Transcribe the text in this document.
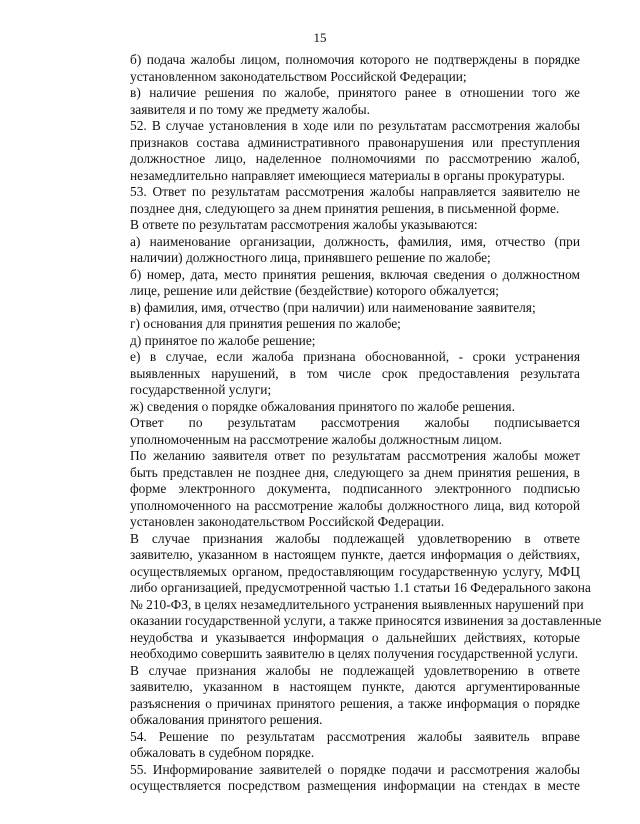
15
б) подача жалобы лицом, полномочия которого не подтверждены в порядке
установленном законодательством Российской Федерации;
в) наличие решения по жалобе, принятого ранее в отношении того же
заявителя и по тому же предмету жалобы.
52. В случае установления в ходе или по результатам рассмотрения жалобы
признаков состава административного правонарушения или преступления
должностное лицо, наделенное полномочиями по рассмотрению жалоб,
незамедлительно направляет имеющиеся материалы в органы прокуратуры.
53. Ответ по результатам рассмотрения жалобы направляется заявителю не
позднее дня, следующего за днем принятия решения, в письменной форме.
В ответе по результатам рассмотрения жалобы указываются:
а) наименование организации, должность, фамилия, имя, отчество (при
наличии) должностного лица, принявшего решение по жалобе;
б) номер, дата, место принятия решения, включая сведения о должностном
лице, решение или действие (бездействие) которого обжалуется;
в) фамилия, имя, отчество (при наличии) или наименование заявителя;
г) основания для принятия решения по жалобе;
д) принятое по жалобе решение;
е) в случае, если жалоба признана обоснованной, - сроки устранения
выявленных нарушений, в том числе срок предоставления результата
государственной услуги;
ж) сведения о порядке обжалования принятого по жалобе решения.
Ответ по результатам рассмотрения жалобы подписывается
уполномоченным на рассмотрение жалобы должностным лицом.
По желанию заявителя ответ по результатам рассмотрения жалобы может
быть представлен не позднее дня, следующего за днем принятия решения, в
форме электронного документа, подписанного электронного подписью
уполномоченного на рассмотрение жалобы должностного лица, вид которой
установлен законодательством Российской Федерации.
В случае признания жалобы подлежащей удовлетворению в ответе
заявителю, указанном в настоящем пункте, дается информация о действиях,
осуществляемых органом, предоставляющим государственную услугу, МФЦ
либо организацией, предусмотренной частью 1.1 статьи 16 Федерального закона
№ 210-ФЗ, в целях незамедлительного устранения выявленных нарушений при
оказании государственной услуги, а также приносятся извинения за доставленные
неудобства и указывается информация о дальнейших действиях, которые
необходимо совершить заявителю в целях получения государственной услуги.
В случае признания жалобы не подлежащей удовлетворению в ответе
заявителю, указанном в настоящем пункте, даются аргументированные
разъяснения о причинах принятого решения, а также информация о порядке
обжалования принятого решения.
54. Решение по результатам рассмотрения жалобы заявитель вправе
обжаловать в судебном порядке.
55. Информирование заявителей о порядке подачи и рассмотрения жалобы
осуществляется посредством размещения информации на стендах в месте
